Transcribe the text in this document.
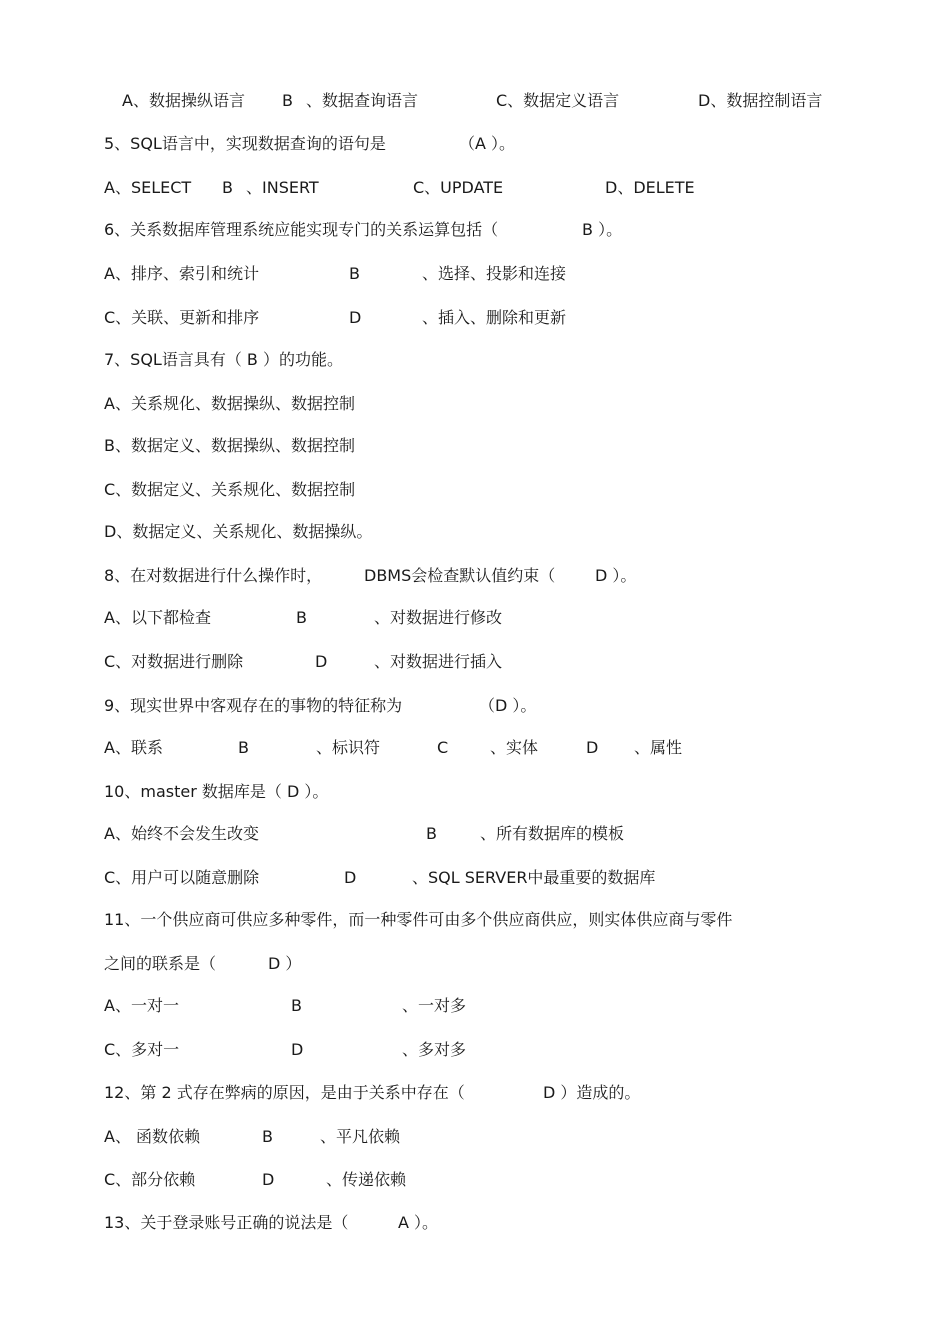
A、数据操纵语言 B 、数据查询语言	C、数据定义语言	D、数据控制语言
5、SQL语言中，实现数据查询的语句是	（A ）。
A、SELECT B 、INSERT	C、UPDATE	D、DELETE
6、关系数据库管理系统应能实现专门的关系运算包括（	B ）。
A、排序、索引和统计	B	、选择、投影和连接
C、关联、更新和排序	D	、插入、删除和更新
7、SQL语言具有（ B ）的功能。
A、关系规化、数据操纵、数据控制
B、数据定义、数据操纵、数据控制
C、数据定义、关系规化、数据控制
D、数据定义、关系规化、数据操纵。
8、在对数据进行什么操作时，	DBMS会检查默认值约束（ D ）。
A、以下都检查	B	、对数据进行修改
C、对数据进行删除	D	、对数据进行插入
9、现实世界中客观存在的事物的特征称为	（D ）。
A、联系	B	、标识符	C	、实体	D 、属性
10、master 数据库是（ D ）。
A、始终不会发生改变	B	、所有数据库的模板
C、用户可以随意删除	D	、SQL SERVER中最重要的数据库
11、一个供应商可供应多种零件，而一种零件可由多个供应商供应，则实体供应商与零件
之间的联系是（	D ）
A、一对一	B	、一对多
C、多对一	D	、多对多
12、第 2 式存在弊病的原因，是由于关系中存在（	D ）造成的。
A、 函数依赖	B	、平凡依赖
C、部分依赖	D	、传递依赖
13、关于登录账号正确的说法是（	A ）。
